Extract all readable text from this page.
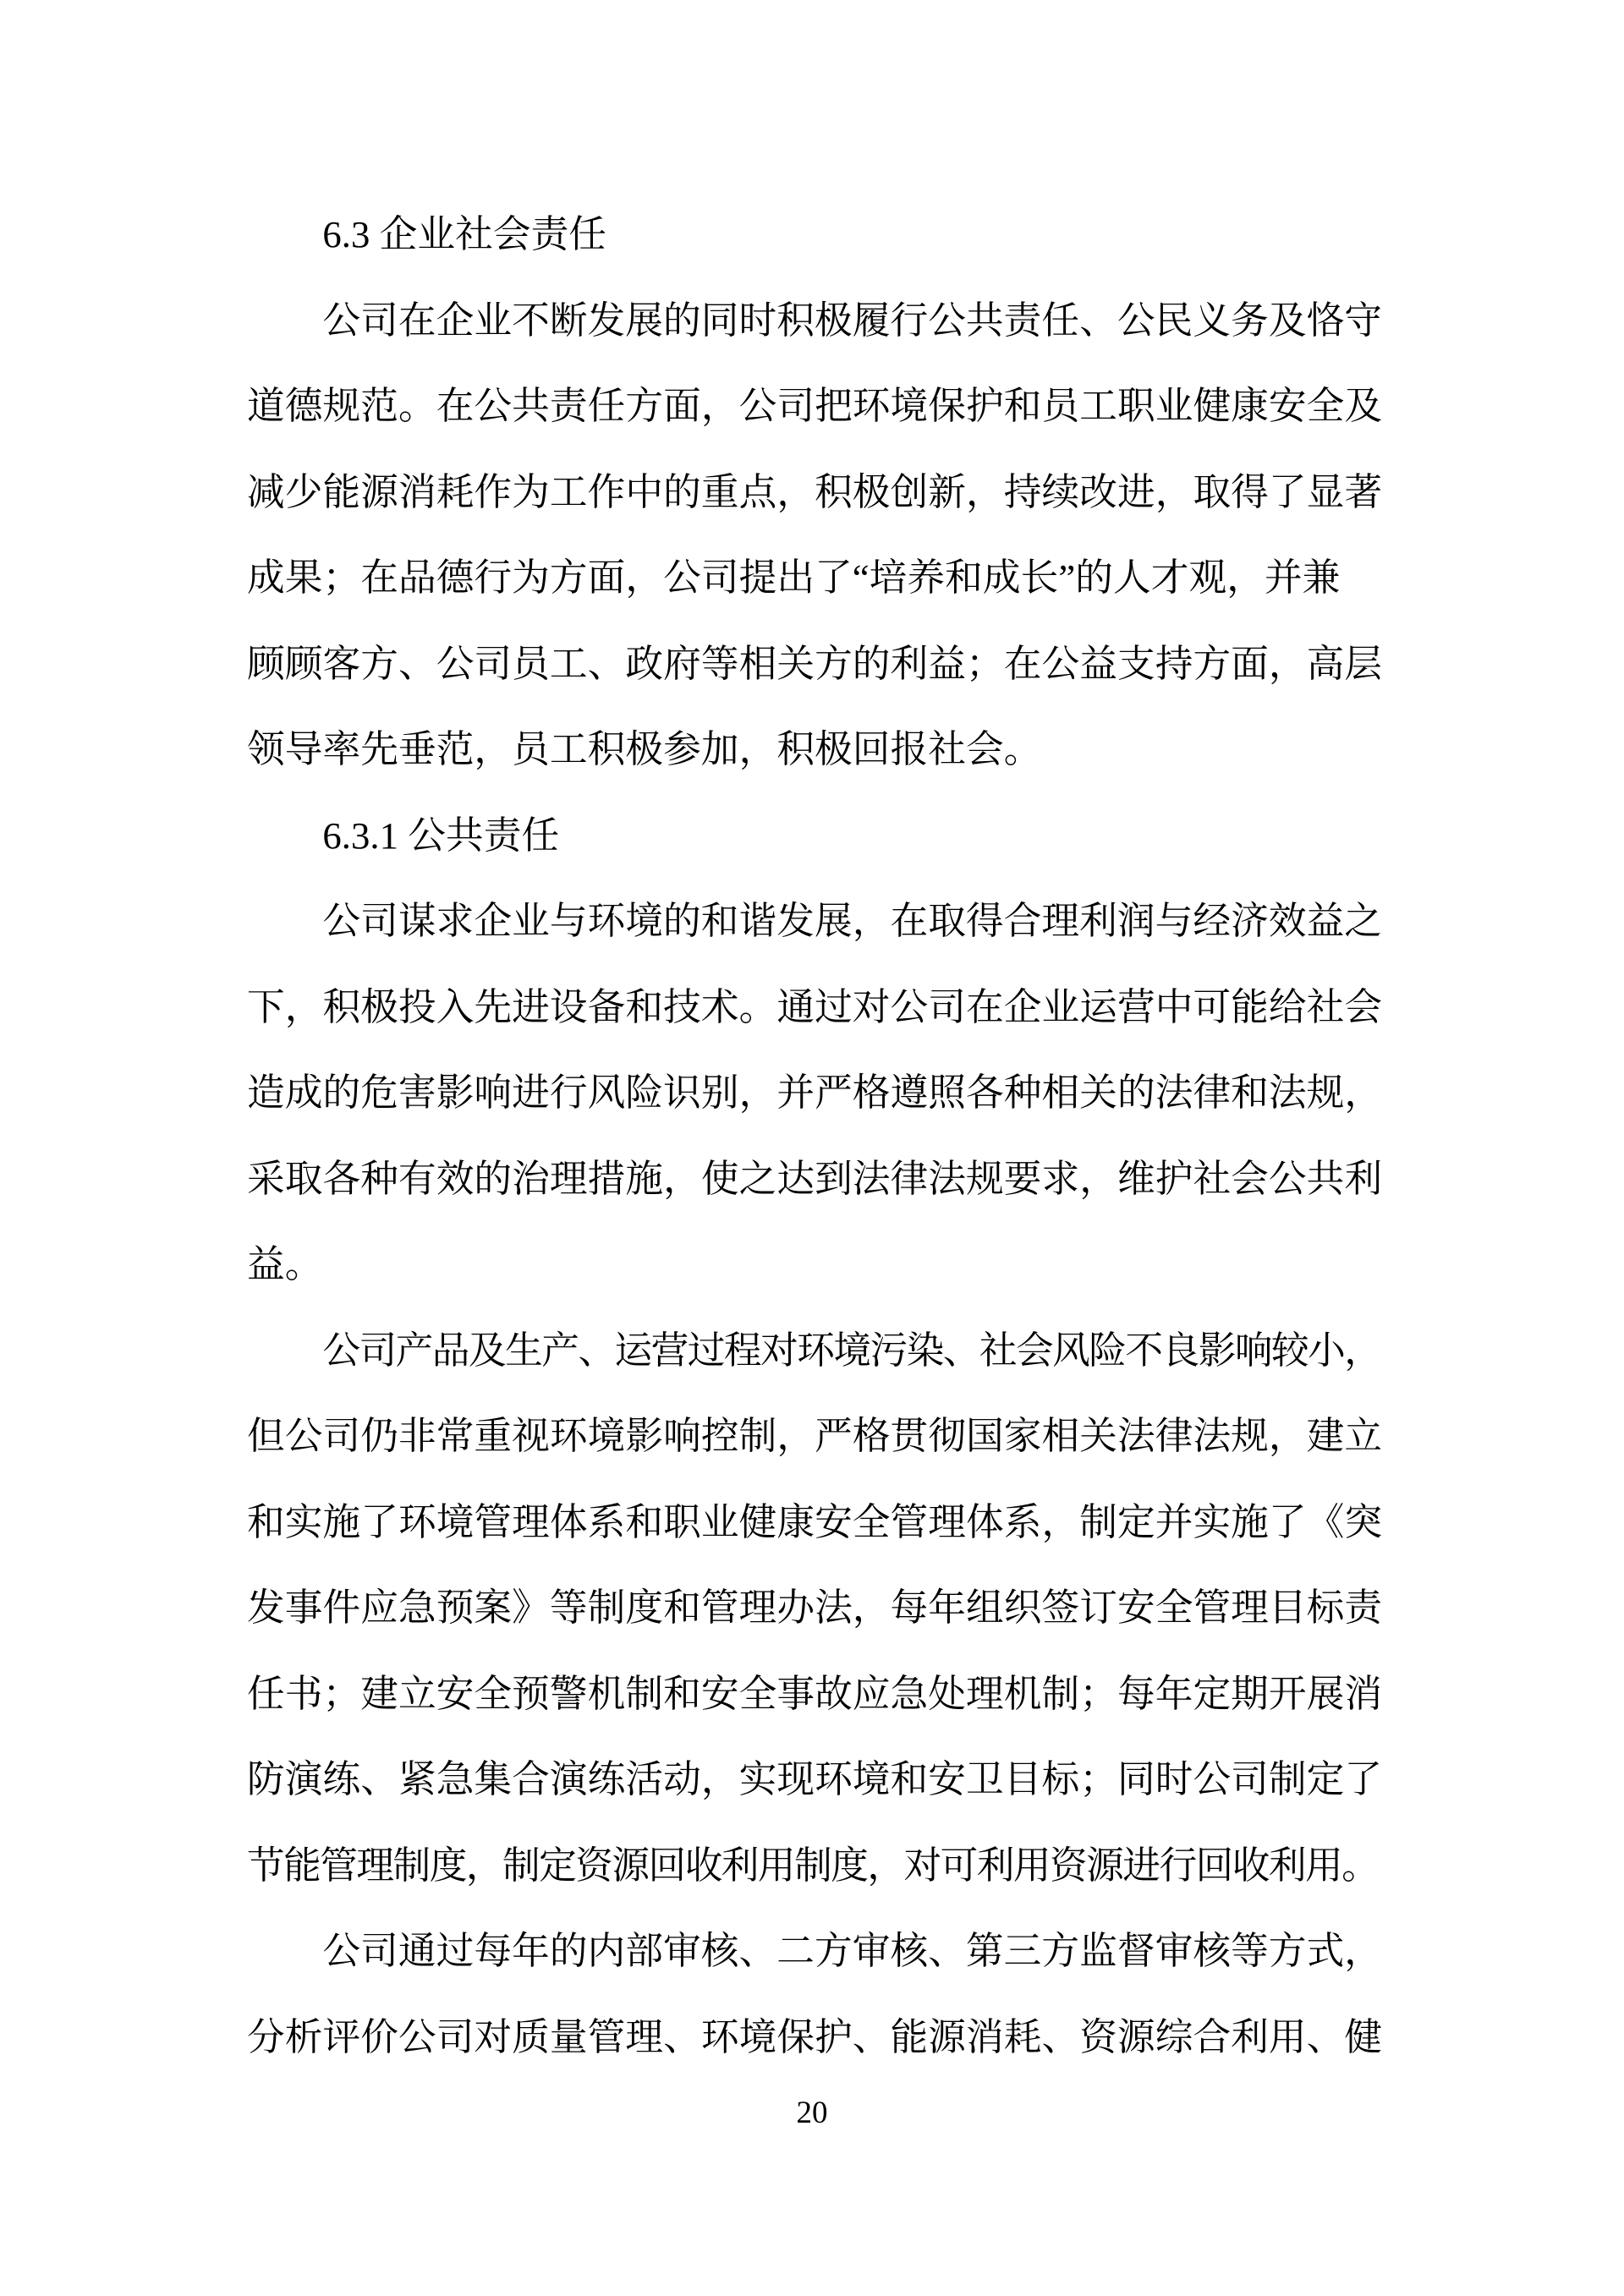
6.3 企业社会责任
公司在企业不断发展的同时积极履行公共责任、公民义务及恪守
道德规范。在公共责任方面，公司把环境保护和员工职业健康安全及
减少能源消耗作为工作中的重点，积极创新，持续改进，取得了显著
成果；在品德行为方面，公司提出了“培养和成长”的人才观，并兼
顾顾客方、公司员工、政府等相关方的利益；在公益支持方面，高层
领导率先垂范，员工积极参加，积极回报社会。
6.3.1 公共责任
公司谋求企业与环境的和谐发展，在取得合理利润与经济效益之
下，积极投入先进设备和技术。通过对公司在企业运营中可能给社会
造成的危害影响进行风险识别，并严格遵照各种相关的法律和法规，
采取各种有效的治理措施，使之达到法律法规要求，维护社会公共利
益。
公司产品及生产、运营过程对环境污染、社会风险不良影响较小，
但公司仍非常重视环境影响控制，严格贯彻国家相关法律法规，建立
和实施了环境管理体系和职业健康安全管理体系，制定并实施了《突
发事件应急预案》等制度和管理办法，每年组织签订安全管理目标责
任书；建立安全预警机制和安全事故应急处理机制；每年定期开展消
防演练、紧急集合演练活动，实现环境和安卫目标；同时公司制定了
节能管理制度，制定资源回收利用制度，对可利用资源进行回收利用。
公司通过每年的内部审核、二方审核、第三方监督审核等方式，
分析评价公司对质量管理、环境保护、能源消耗、资源综合利用、健
20
